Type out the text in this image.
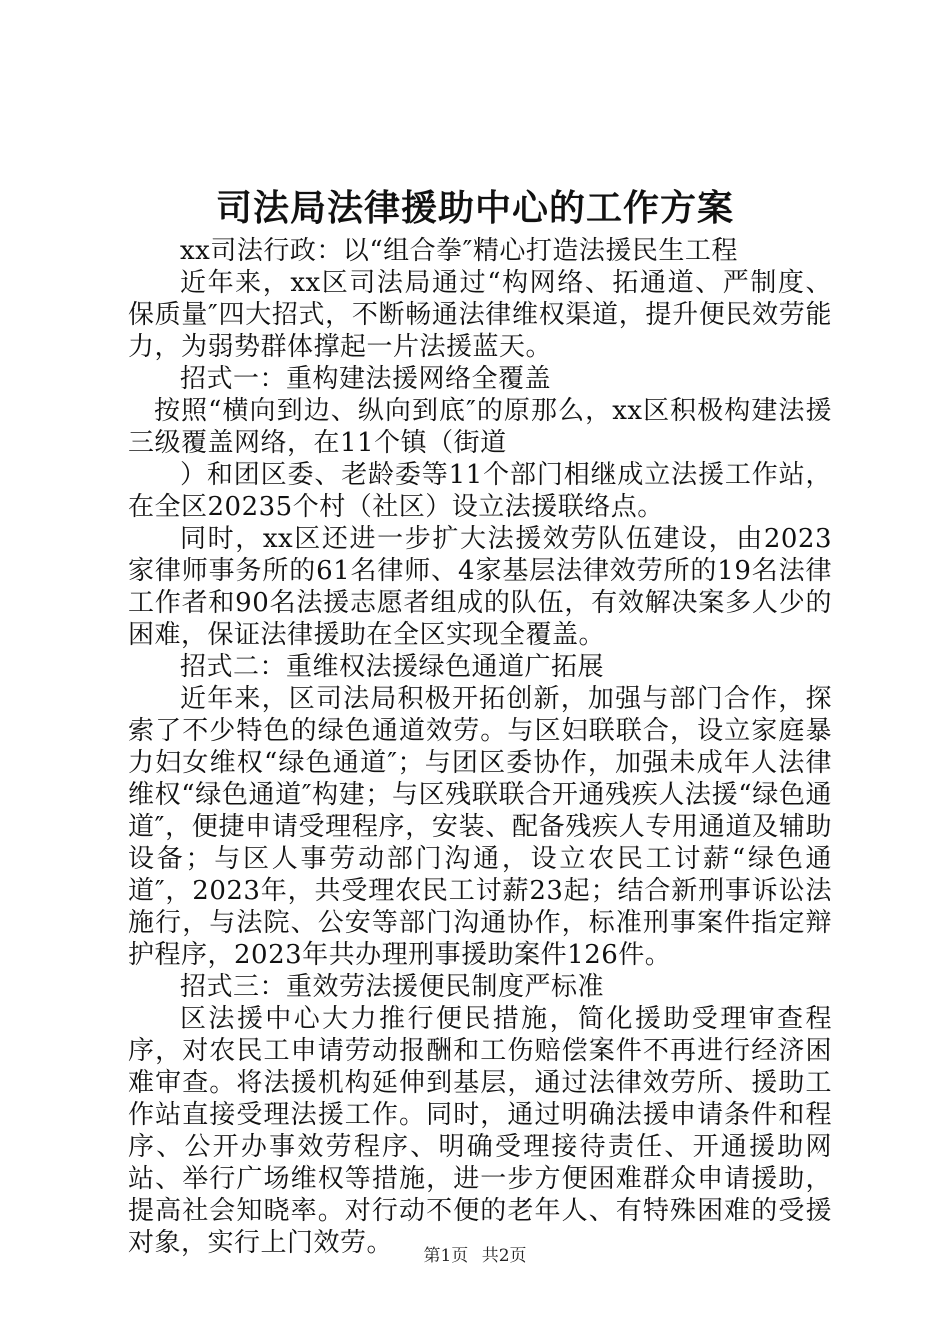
司法局法律援助中心的工作方案

xx司法行政：以“组合拳″精心打造法援民生工程

近年来，xx区司法局通过“构网络、拓通道、严制度、保质量″四大招式，不断畅通法律维权渠道，提升便民效劳能力，为弱势群体撑起一片法援蓝天。

招式一：重构建法援网络全覆盖

按照“横向到边、纵向到底″的原那么，xx区积极构建法援三级覆盖网络，在11个镇（街道

）和团区委、老龄委等11个部门相继成立法援工作站，在全区20235个村（社区）设立法援联络点。

同时，xx区还进一步扩大法援效劳队伍建设，由2023家律师事务所的61名律师、4家基层法律效劳所的19名法律工作者和90名法援志愿者组成的队伍，有效解决案多人少的困难，保证法律援助在全区实现全覆盖。

招式二：重维权法援绿色通道广拓展

近年来，区司法局积极开拓创新，加强与部门合作，探索了不少特色的绿色通道效劳。与区妇联联合，设立家庭暴力妇女维权“绿色通道″；与团区委协作，加强未成年人法律维权“绿色通道″构建；与区残联联合开通残疾人法援“绿色通道″，便捷申请受理程序，安装、配备残疾人专用通道及辅助设备；与区人事劳动部门沟通，设立农民工讨薪“绿色通道″，2023年，共受理农民工讨薪23起；结合新刑事诉讼法施行，与法院、公安等部门沟通协作，标准刑事案件指定辩护程序，2023年共办理刑事援助案件126件。

招式三：重效劳法援便民制度严标准

区法援中心大力推行便民措施，简化援助受理审查程序，对农民工申请劳动报酬和工伤赔偿案件不再进行经济困难审查。将法援机构延伸到基层，通过法律效劳所、援助工作站直接受理法援工作。同时，通过明确法援申请条件和程序、公开办事效劳程序、明确受理接待责任、开通援助网站、举行广场维权等措施，进一步方便困难群众申请援助，提高社会知晓率。对行动不便的老年人、有特殊困难的受援对象，实行上门效劳。	第1页 共2页
